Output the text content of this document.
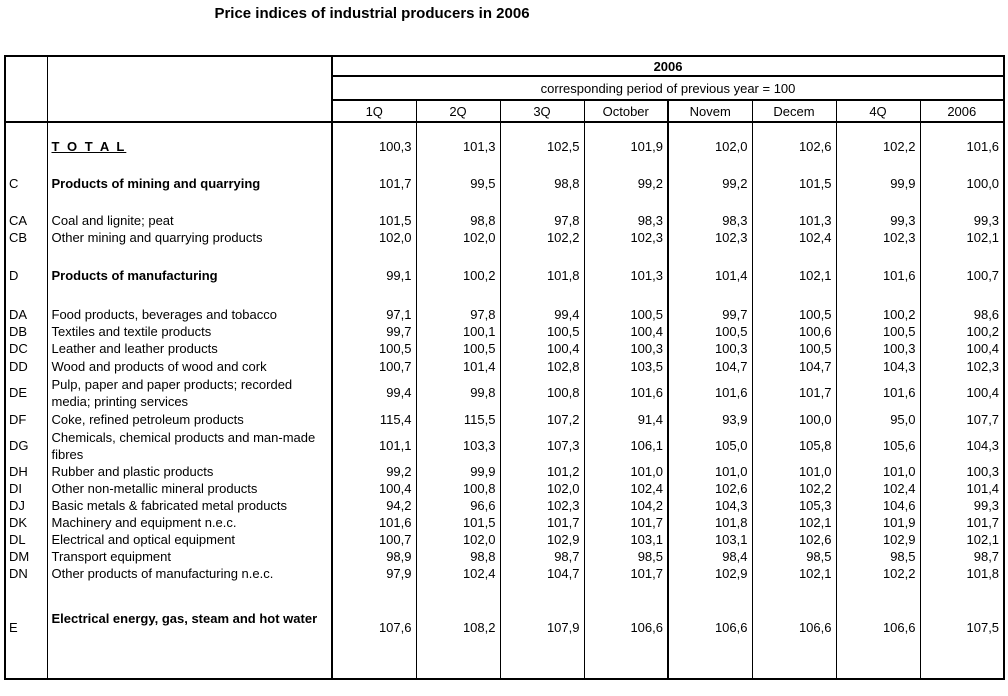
Price indices of industrial producers in 2006
		2006							
		corresponding period of previous year = 100							
		1Q	2Q	3Q	October	Novem	Decem	4Q	2006

	T O T A L	100,3	101,3	102,5	101,9	102,0	102,6	102,2	101,6

C	Products of mining and quarrying	101,7	99,5	98,8	99,2	99,2	101,5	99,9	100,0

CA	Coal and lignite; peat	101,5	98,8	97,8	98,3	98,3	101,3	99,3	99,3
CB	Other mining and quarrying products	102,0	102,0	102,2	102,3	102,3	102,4	102,3	102,1

D	Products of manufacturing	99,1	100,2	101,8	101,3	101,4	102,1	101,6	100,7

DA	Food products, beverages and tobacco	97,1	97,8	99,4	100,5	99,7	100,5	100,2	98,6
DB	Textiles and textile products	99,7	100,1	100,5	100,4	100,5	100,6	100,5	100,2
DC	Leather and leather products	100,5	100,5	100,4	100,3	100,3	100,5	100,3	100,4
DD	Wood and products of wood and cork	100,7	101,4	102,8	103,5	104,7	104,7	104,3	102,3
DE	Pulp, paper and paper products; recorded media; printing services	99,4	99,8	100,8	101,6	101,6	101,7	101,6	100,4
DF	Coke, refined petroleum products	115,4	115,5	107,2	91,4	93,9	100,0	95,0	107,7
DG	Chemicals, chemical products and man-made fibres	101,1	103,3	107,3	106,1	105,0	105,8	105,6	104,3
DH	Rubber and plastic products	99,2	99,9	101,2	101,0	101,0	101,0	101,0	100,3
DI	Other non-metallic mineral products	100,4	100,8	102,0	102,4	102,6	102,2	102,4	101,4
DJ	Basic metals & fabricated metal products	94,2	96,6	102,3	104,2	104,3	105,3	104,6	99,3
DK	Machinery and equipment n.e.c.	101,6	101,5	101,7	101,7	101,8	102,1	101,9	101,7
DL	Electrical and optical equipment	100,7	102,0	102,9	103,1	103,1	102,6	102,9	102,1
DM	Transport equipment	98,9	98,8	98,7	98,5	98,4	98,5	98,5	98,7
DN	Other products of manufacturing n.e.c.	97,9	102,4	104,7	101,7	102,9	102,1	102,2	101,8

E	Electrical energy, gas, steam and hot water	107,6	108,2	107,9	106,6	106,6	106,6	106,6	107,5
